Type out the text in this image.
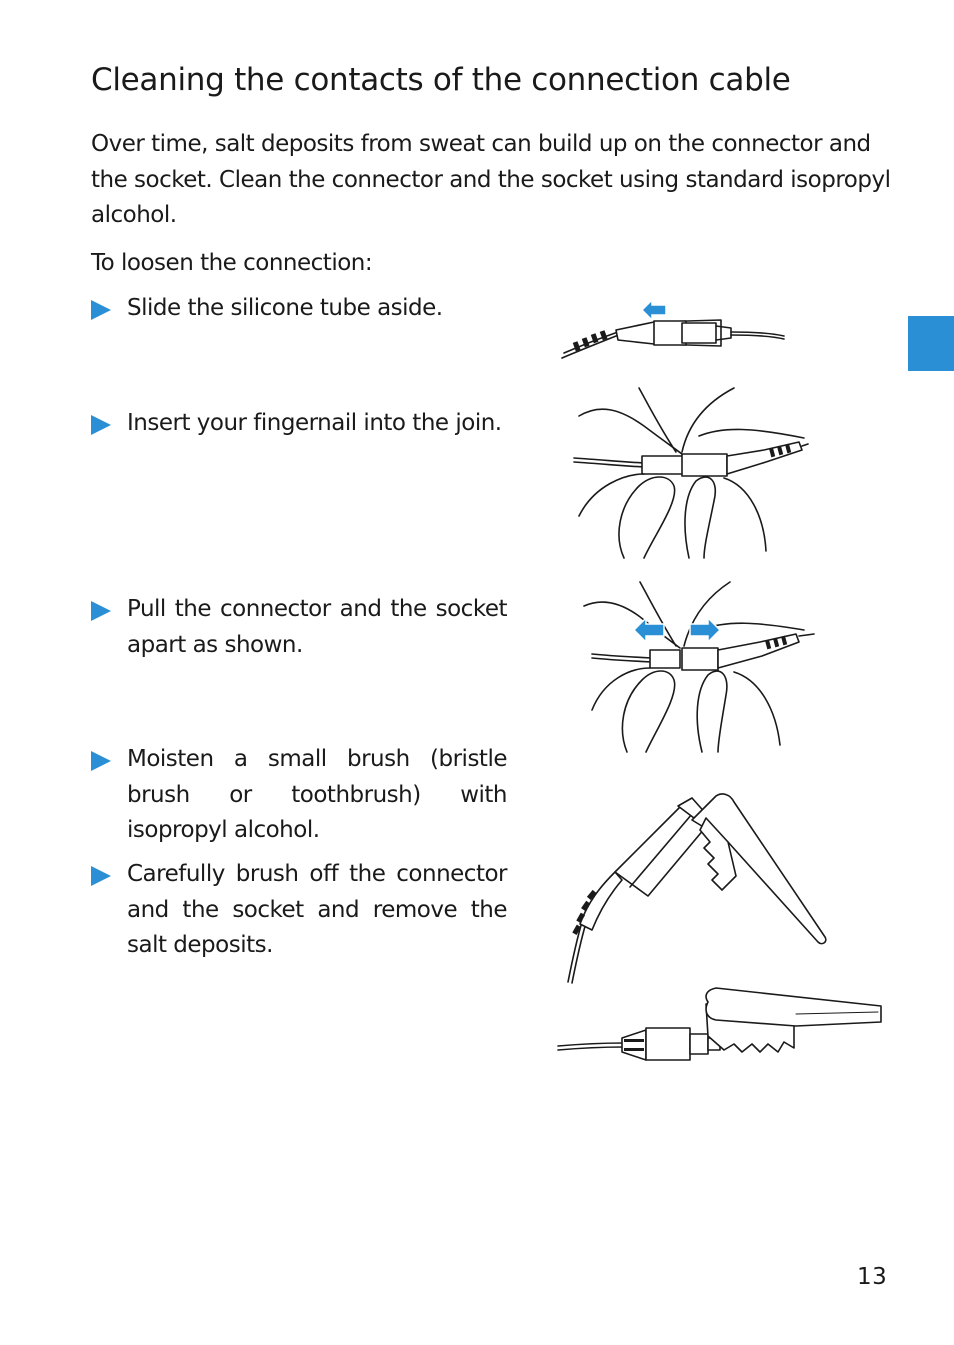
Cleaning the contacts of the connection cable

Over time, salt deposits from sweat can build up on the connector and the socket. Clean the connector and the socket using standard isopropyl alcohol.

To loosen the connection:

Slide the silicone tube aside.

Insert your fingernail into the join.

Pull the connector and the socket apart as shown.

Moisten a small brush (bristle brush or toothbrush) with isopropyl alcohol.

Carefully brush off the connector and the socket and remove the salt deposits.

13
